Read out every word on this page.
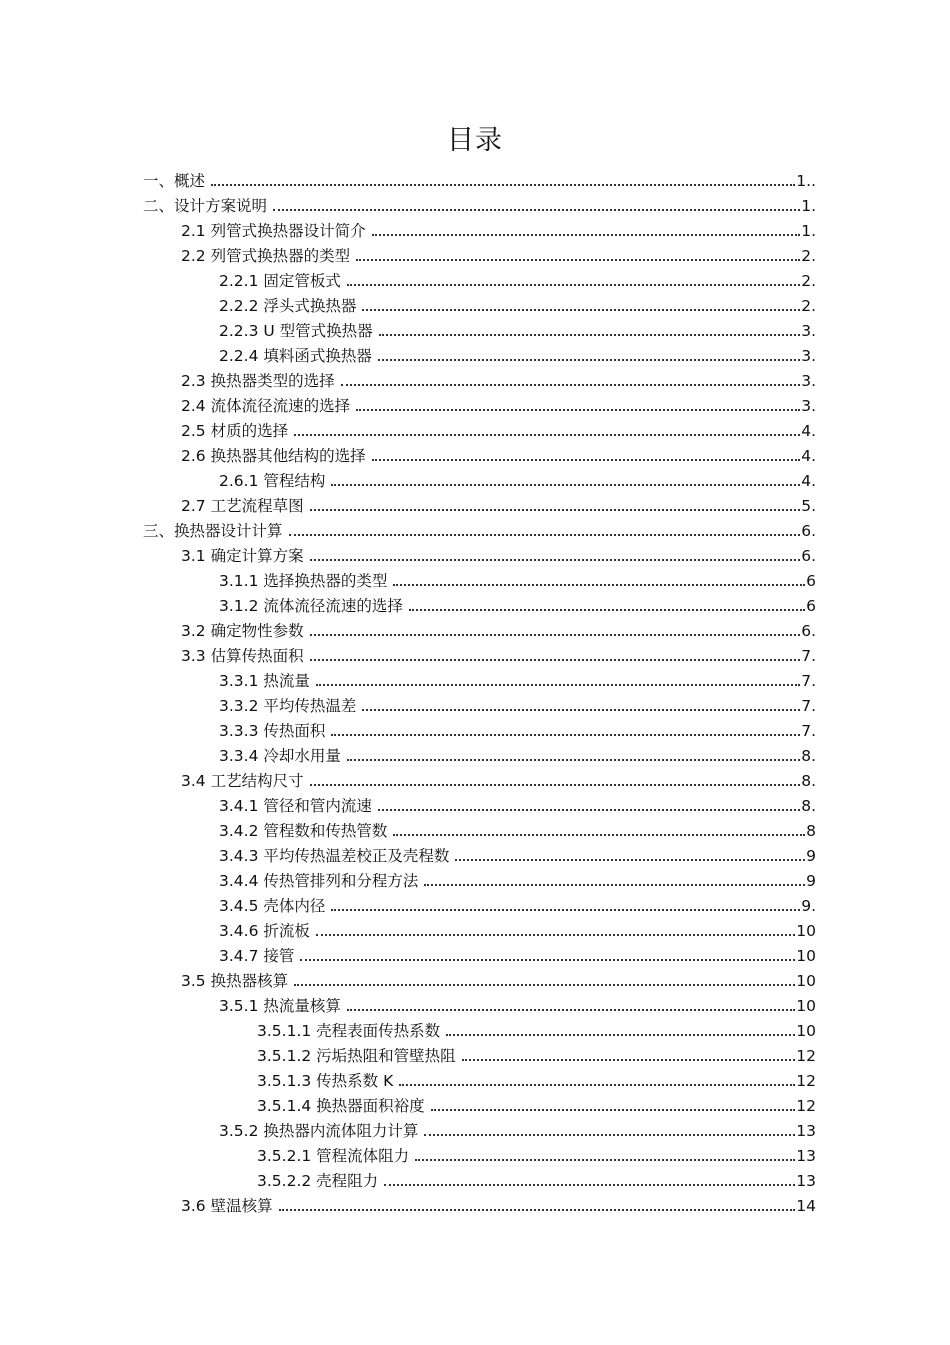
目录
一、概述	1..
二、设计方案说明	1.
2.1 列管式换热器设计简介	1.
2.2 列管式换热器的类型	2.
2.2.1 固定管板式	2.
2.2.2 浮头式换热器	2.
2.2.3 U 型管式换热器	3.
2.2.4 填料函式换热器	3.
2.3 换热器类型的选择	3.
2.4 流体流径流速的选择	3.
2.5 材质的选择	4.
2.6 换热器其他结构的选择	4.
2.6.1 管程结构	4.
2.7 工艺流程草图	5.
三、换热器设计计算	6.
3.1 确定计算方案	6.
3.1.1 选择换热器的类型	6
3.1.2 流体流径流速的选择	6
3.2 确定物性参数	6.
3.3 估算传热面积	7.
3.3.1 热流量	7.
3.3.2 平均传热温差	7.
3.3.3 传热面积	7.
3.3.4 冷却水用量	8.
3.4 工艺结构尺寸	8.
3.4.1 管径和管内流速	8.
3.4.2 管程数和传热管数	8
3.4.3 平均传热温差校正及壳程数	9
3.4.4 传热管排列和分程方法	9
3.4.5 壳体内径	9.
3.4.6 折流板	10
3.4.7 接管	10
3.5 换热器核算	10
3.5.1 热流量核算	10
3.5.1.1 壳程表面传热系数	10
3.5.1.2 污垢热阻和管壁热阻	12
3.5.1.3 传热系数 K	12
3.5.1.4 换热器面积裕度	12
3.5.2 换热器内流体阻力计算	13
3.5.2.1 管程流体阻力	13
3.5.2.2 壳程阻力	13
3.6 壁温核算	14
